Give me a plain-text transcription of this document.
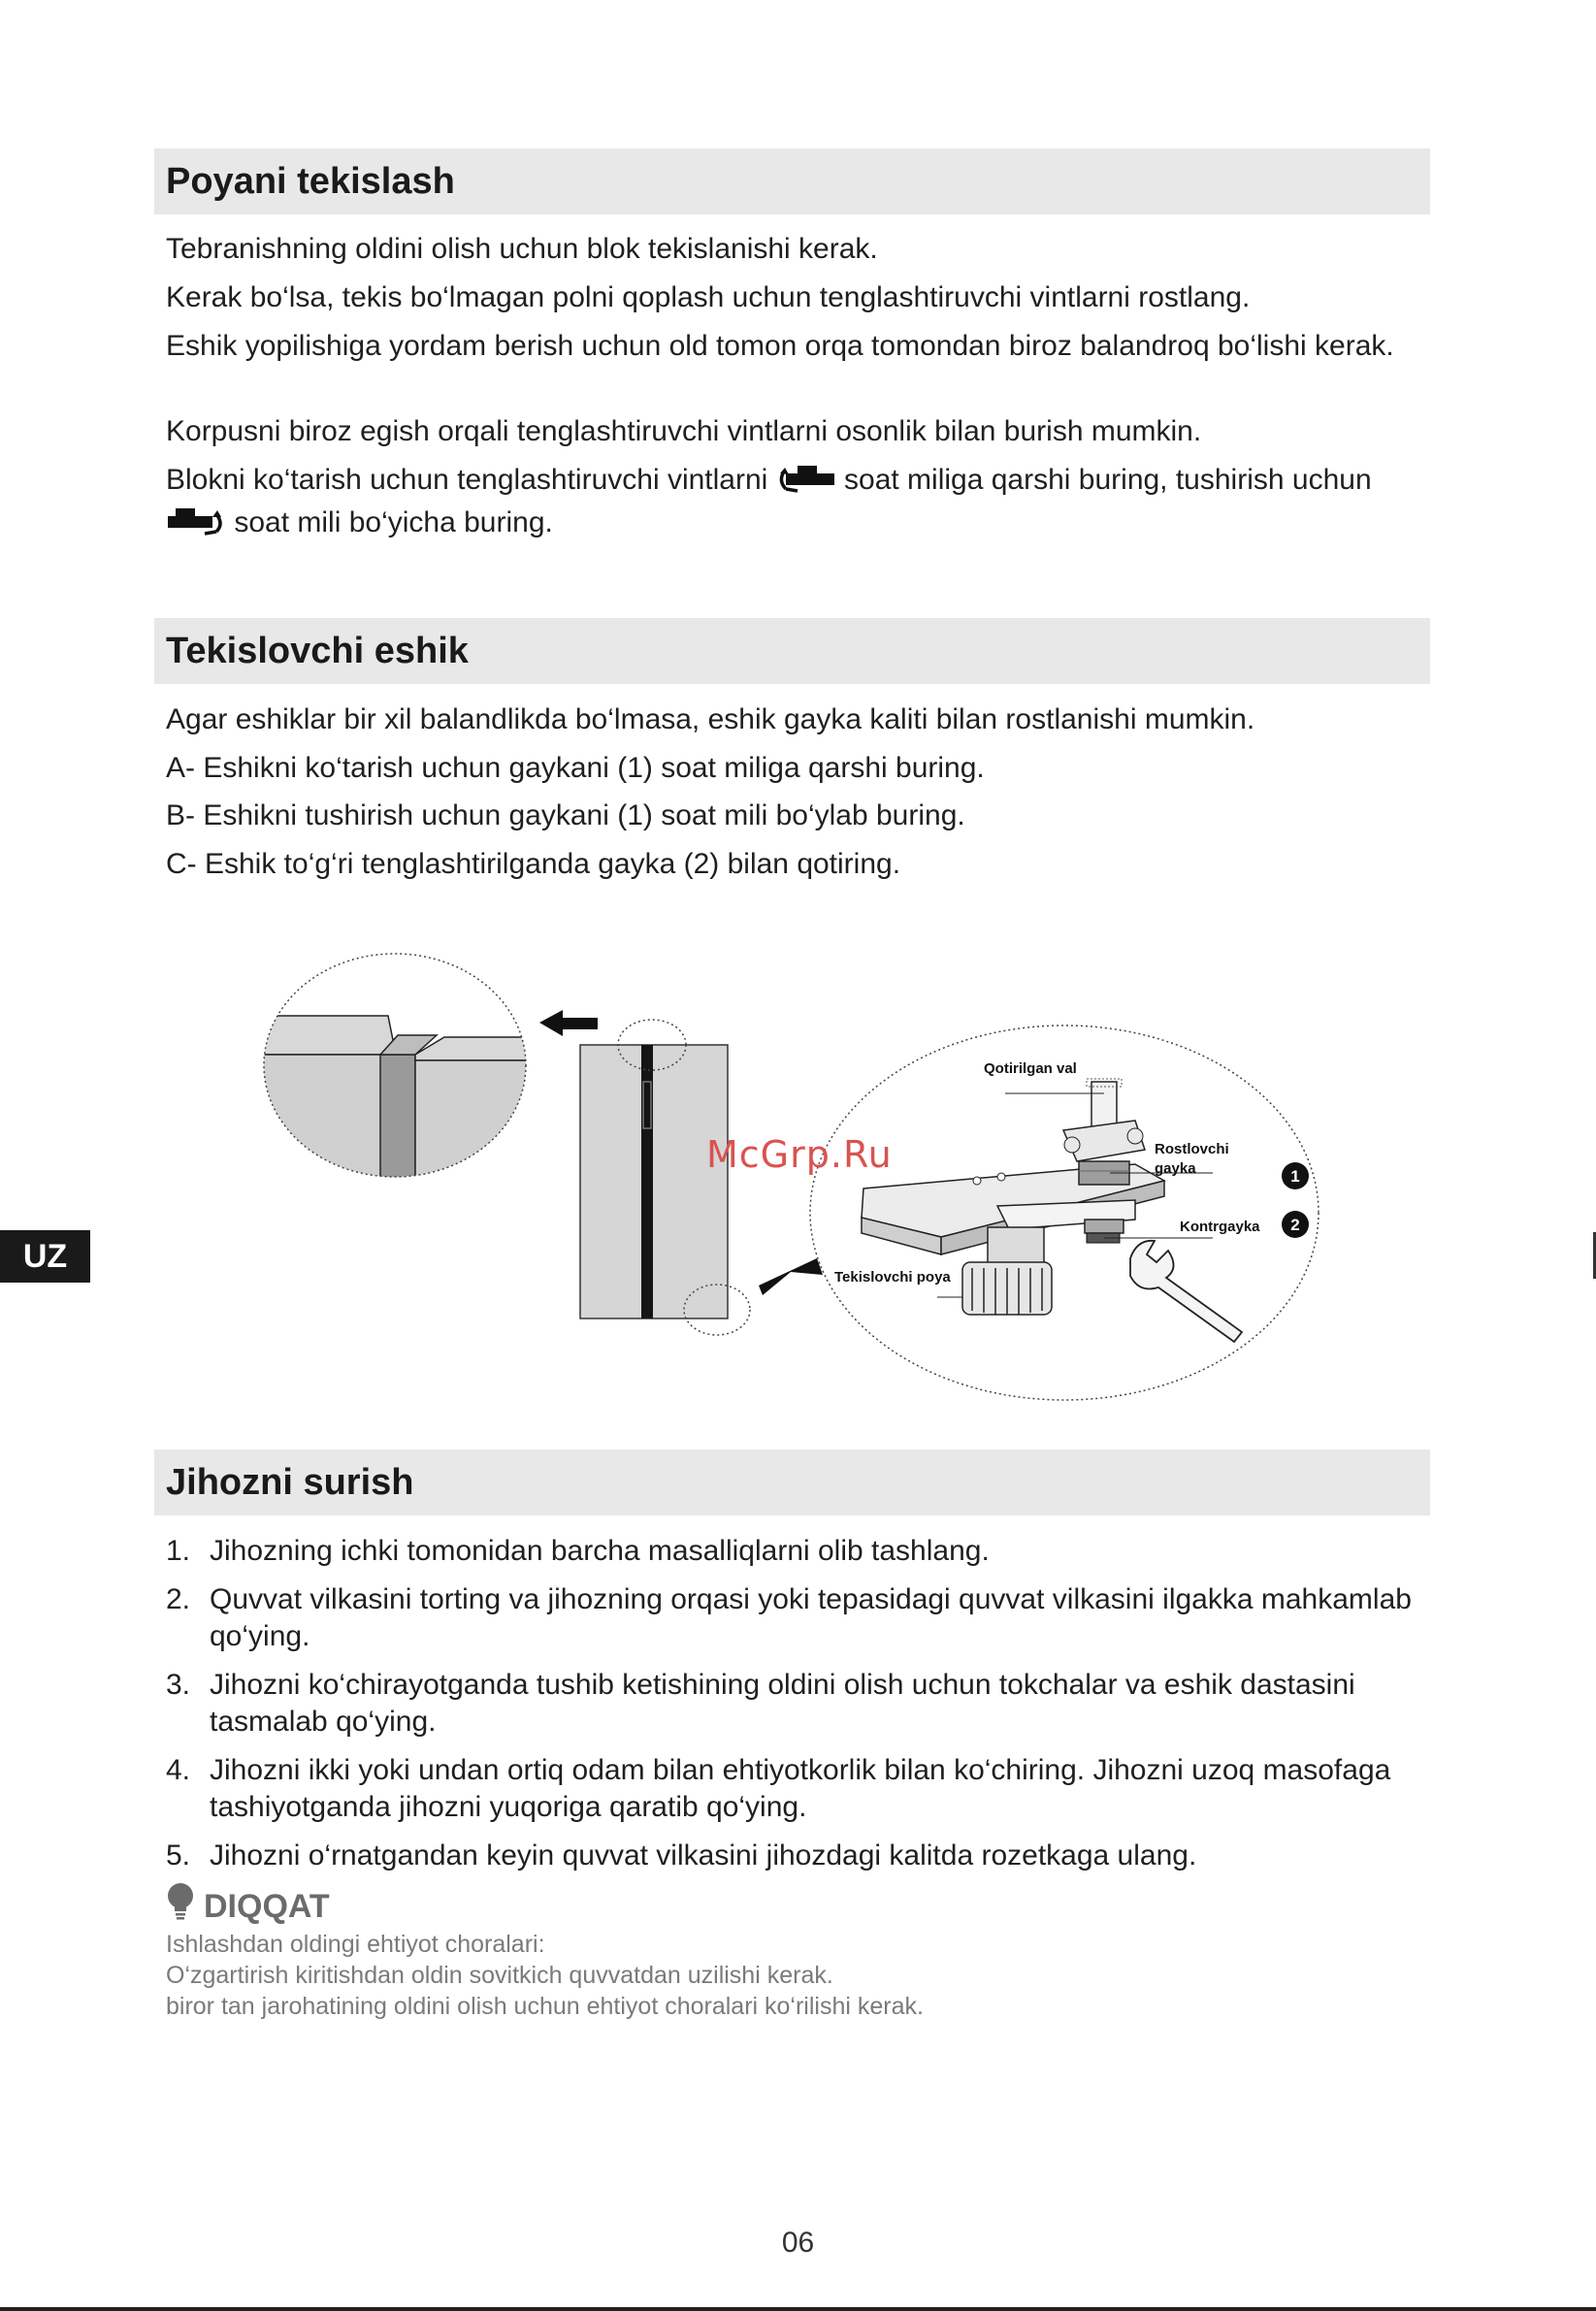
Poyani tekislash
Tebranishning oldini olish uchun blok tekislanishi kerak.
Kerak bo‘lsa, tekis bo‘lmagan polni qoplash uchun tenglashtiruvchi vintlarni rostlang.
Eshik yopilishiga yordam berish uchun old tomon orqa tomondan biroz balandroq bo‘lishi kerak.
Korpusni biroz egish orqali tenglashtiruvchi vintlarni osonlik bilan burish mumkin.
Blokni ko‘tarish uchun tenglashtiruvchi vintlarni	soat miliga qarshi buring, tushirish uchun  soat mili bo‘yicha buring.
Tekislovchi eshik
Agar eshiklar bir xil balandlikda bo‘lmasa, eshik gayka kaliti bilan rostlanishi mumkin.
A- Eshikni ko‘tarish uchun gaykani (1) soat miliga qarshi buring.
B- Eshikni tushirish uchun gaykani (1) soat mili bo‘ylab buring.
C- Eshik to‘g‘ri tenglashtirilganda gayka (2) bilan qotiring.
UZ
Qotirilgan val
Rostlovchi
gayka
Kontrgayka
Tekislovchi poya
1
2
McGrp.Ru
Jihozni surish
1. Jihozning ichki tomonidan barcha masalliqlarni olib tashlang.
2. Quvvat vilkasini torting va jihozning orqasi yoki tepasidagi quvvat vilkasini ilgakka mahkamlab qo‘ying.
3. Jihozni ko‘chirayotganda tushib ketishining oldini olish uchun tokchalar va eshik dastasini tasmalab qo‘ying.
4. Jihozni ikki yoki undan ortiq odam bilan ehtiyotkorlik bilan ko‘chiring. Jihozni uzoq masofaga tashiyotganda jihozni yuqoriga qaratib qo‘ying.
5. Jihozni o‘rnatgandan keyin quvvat vilkasini jihozdagi kalitda rozetkaga ulang.
DIQQAT
Ishlashdan oldingi ehtiyot choralari:
O‘zgartirish kiritishdan oldin sovitkich quvvatdan uzilishi kerak.
biror tan jarohatining oldini olish uchun ehtiyot choralari ko‘rilishi kerak.
06
